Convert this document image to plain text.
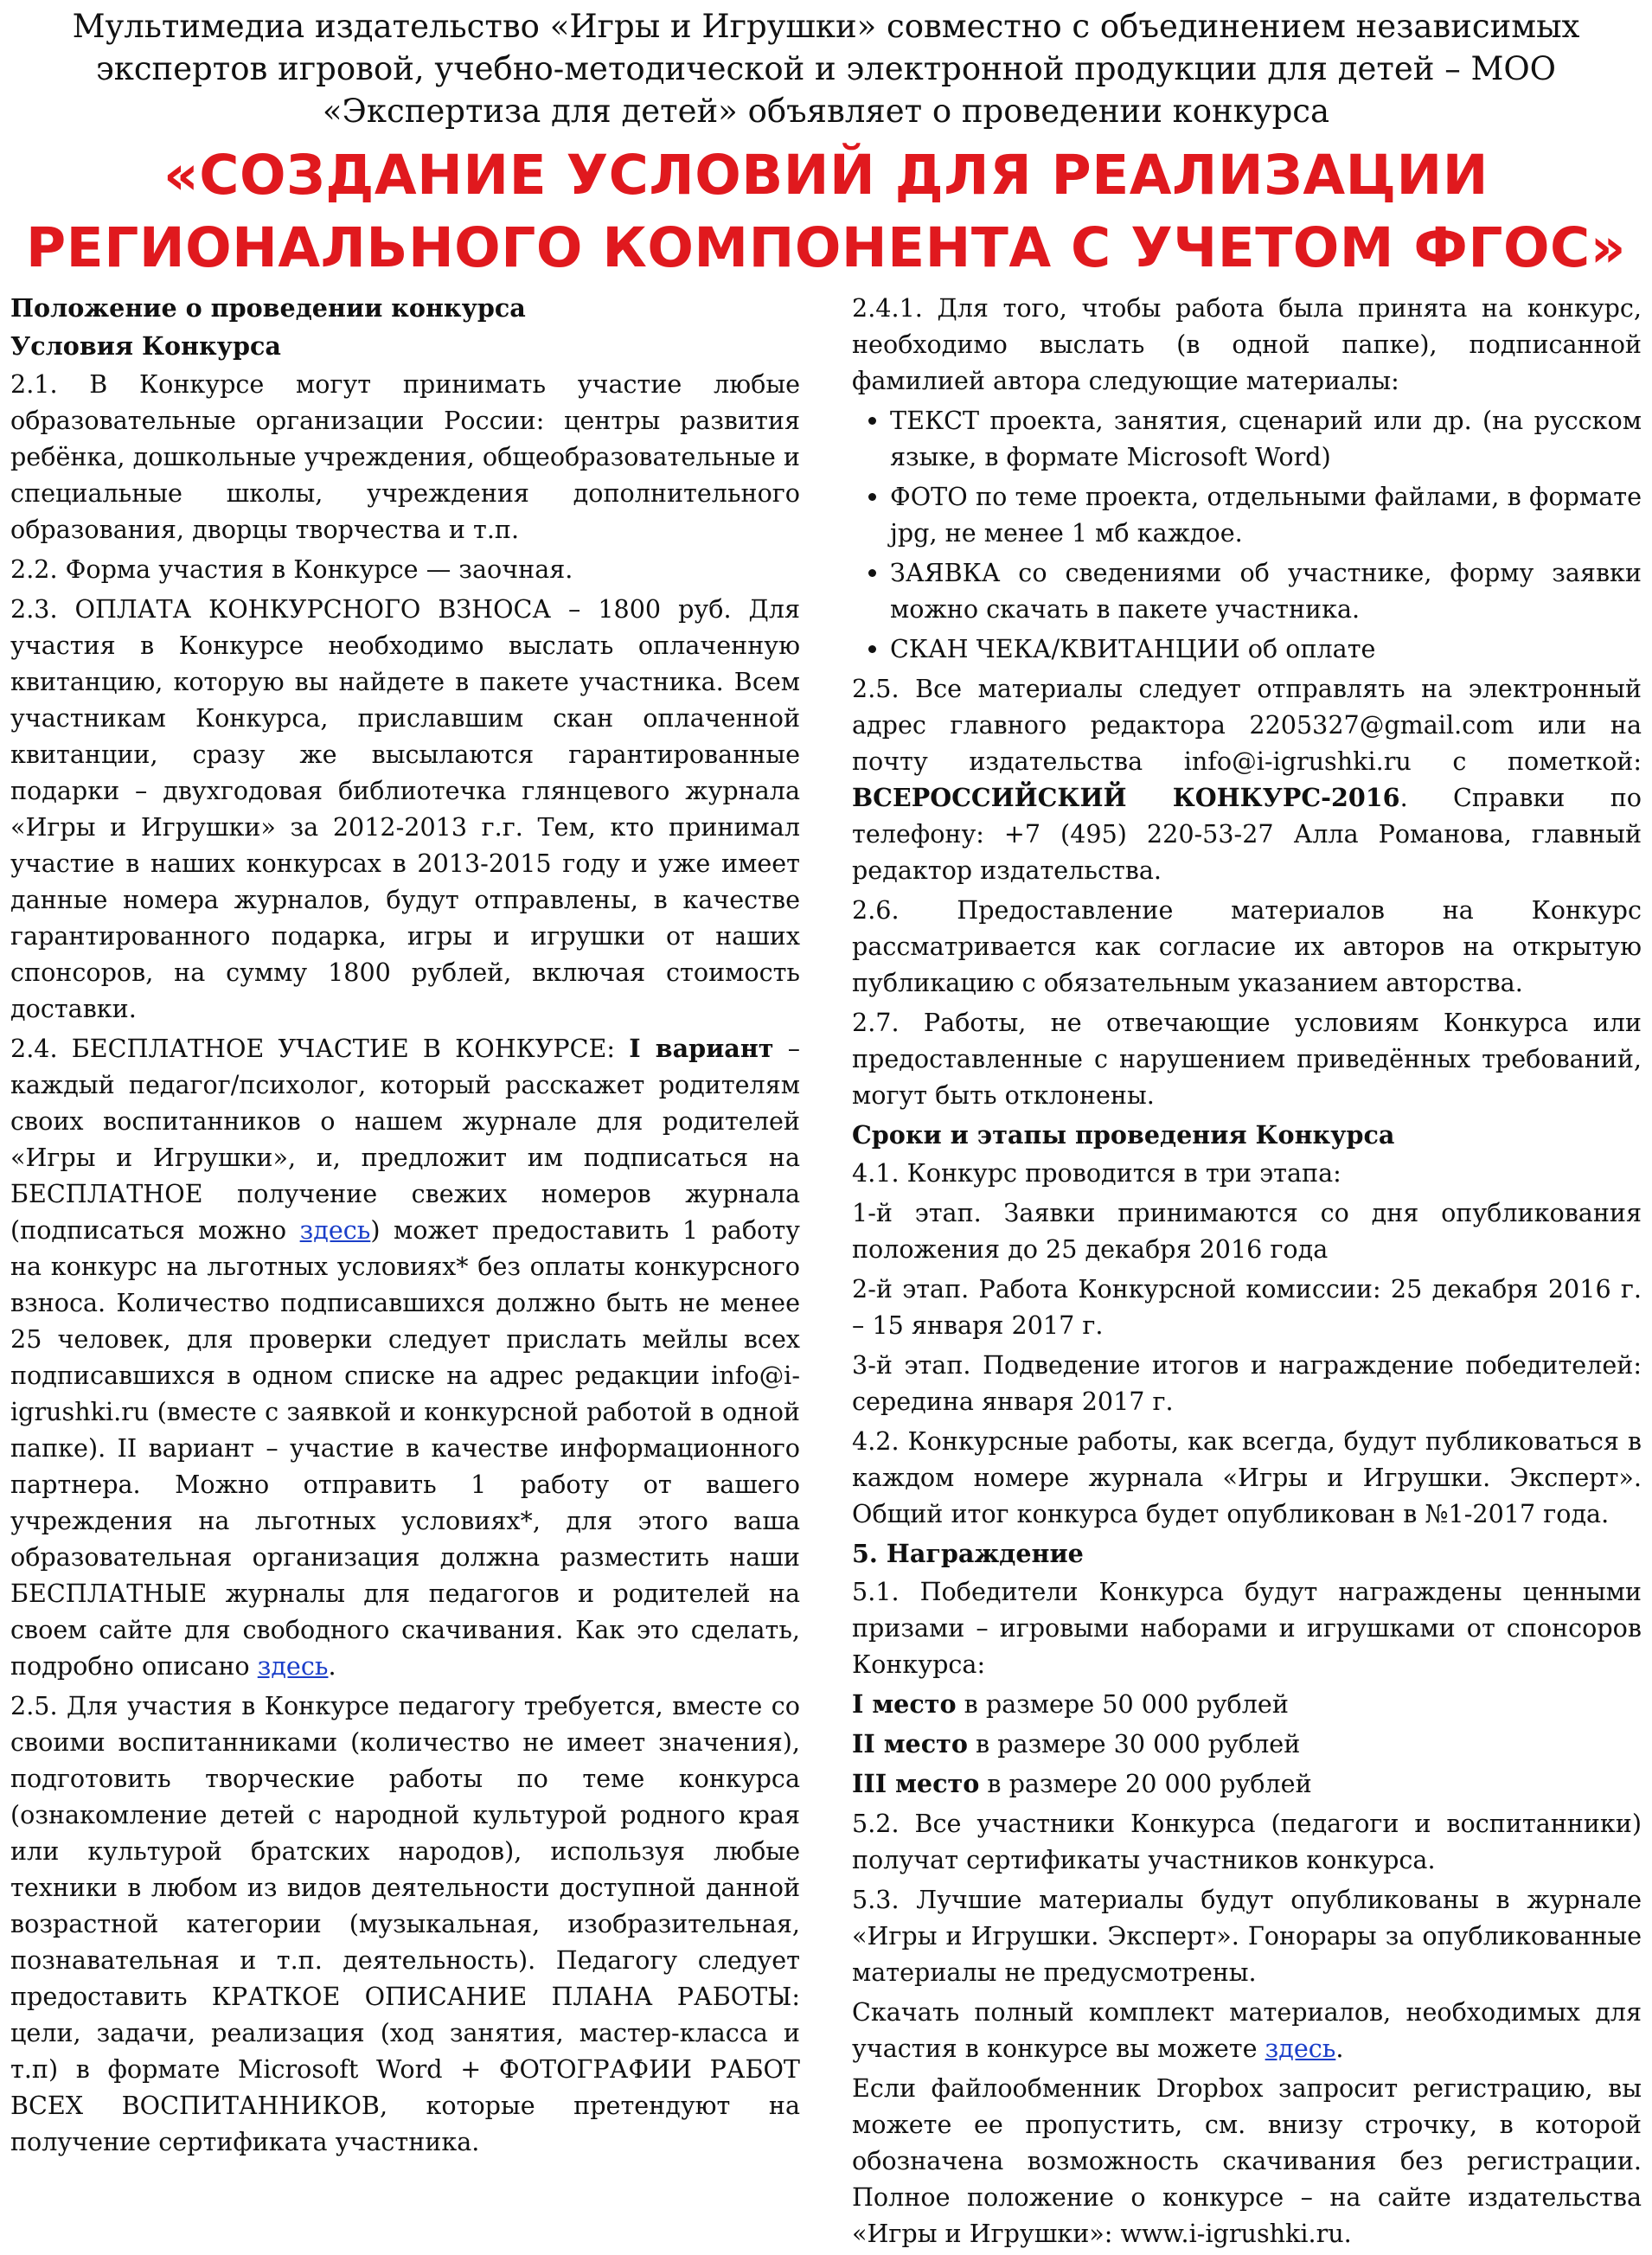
Мультимедиа издательство «Игры и Игрушки» совместно с объединением независимых экспертов игровой, учебно-методической и электронной продукции для детей – МОО «Экспертиза для детей» объявляет о проведении конкурса
«СОЗДАНИЕ УСЛОВИЙ ДЛЯ РЕАЛИЗАЦИИ
РЕГИОНАЛЬНОГО КОМПОНЕНТА С УЧЕТОМ ФГОС»
Положение о проведении конкурса
Условия Конкурса

2.1. В Конкурсе могут принимать участие любые образовательные организации России: центры развития ребёнка, дошкольные учреждения, общеобразовательные и специальные школы, учреждения дополнительного образования, дворцы творчества и т.п.

2.2. Форма участия в Конкурсе — заочная.

2.3. ОПЛАТА КОНКУРСНОГО ВЗНОСА – 1800 руб. Для участия в Конкурсе необходимо выслать оплаченную квитанцию, которую вы найдете в пакете участника. Всем участникам Конкурса, приславшим скан оплаченной квитанции, сразу же высылаются гарантированные подарки – двухгодовая библиотечка глянцевого журнала «Игры и Игрушки» за 2012-2013 г.г. Тем, кто принимал участие в наших конкурсах в 2013-2015 году и уже имеет данные номера журналов, будут отправлены, в качестве гарантированного подарка, игры и игрушки от наших спонсоров, на сумму 1800 рублей, включая стоимость доставки.

2.4. БЕСПЛАТНОЕ УЧАСТИЕ В КОНКУРСЕ: I вариант – каждый педагог/психолог, который расскажет родителям своих воспитанников о нашем журнале для родителей «Игры и Игрушки», и, предложит им подписаться на БЕСПЛАТНОЕ получение свежих номеров журнала (подписаться можно здесь) может предоставить 1 работу на конкурс на льготных условиях* без оплаты конкурсного взноса. Количество подписавшихся должно быть не менее 25 человек, для проверки следует прислать мейлы всех подписавшихся в одном списке на адрес редакции info@i-igrushki.ru (вместе с заявкой и конкурсной работой в одной папке). II вариант – участие в качестве информационного партнера. Можно отправить 1 работу от вашего учреждения на льготных условиях*, для этого ваша образовательная организация должна разместить наши БЕСПЛАТНЫЕ журналы для педагогов и родителей на своем сайте для свободного скачивания. Как это сделать, подробно описано здесь.

2.5. Для участия в Конкурсе педагогу требуется, вместе со своими воспитанниками (количество не имеет значения), подготовить творческие работы по теме конкурса (ознакомление детей с народной культурой родного края или культурой братских народов), используя любые техники в любом из видов деятельности доступной данной возрастной категории (музыкальная, изобразительная, познавательная и т.п. деятельность). Педагогу следует предоставить КРАТКОЕ ОПИСАНИЕ ПЛАНА РАБОТЫ: цели, задачи, реализация (ход занятия, мастер-класса и т.п) в формате Microsoft Word + ФОТОГРАФИИ РАБОТ ВСЕХ ВОСПИТАННИКОВ, которые претендуют на получение сертификата участника.

2.4.1. Для того, чтобы работа была принята на конкурс, необходимо выслать (в одной папке), подписанной фамилией автора следующие материалы:

• ТЕКСТ проекта, занятия, сценарий или др. (на русском языке, в формате Microsoft Word)
• ФОТО по теме проекта, отдельными файлами, в формате jpg, не менее 1 мб каждое.
• ЗАЯВКА со сведениями об участнике, форму заявки можно скачать в пакете участника.
• СКАН ЧЕКА/КВИТАНЦИИ об оплате

2.5. Все материалы следует отправлять на электронный адрес главного редактора 2205327@gmail.com или на почту издательства info@i-igrushki.ru с пометкой: ВСЕРОССИЙСКИЙ КОНКУРС-2016. Справки по телефону: +7 (495) 220-53-27 Алла Романова, главный редактор издательства.

2.6. Предоставление материалов на Конкурс рассматривается как согласие их авторов на открытую публикацию с обязательным указанием авторства.

2.7. Работы, не отвечающие условиям Конкурса или предоставленные с нарушением приведённых требований, могут быть отклонены.

Сроки и этапы проведения Конкурса

4.1. Конкурс проводится в три этапа:

1-й этап. Заявки принимаются со дня опубликования положения до 25 декабря 2016 года

2-й этап. Работа Конкурсной комиссии: 25 декабря 2016 г. – 15 января 2017 г.

3-й этап. Подведение итогов и награждение победителей: середина января 2017 г.

4.2. Конкурсные работы, как всегда, будут публиковаться в каждом номере журнала «Игры и Игрушки. Эксперт». Общий итог конкурса будет опубликован в №1-2017 года.

5. Награждение

5.1. Победители Конкурса будут награждены ценными призами – игровыми наборами и игрушками от спонсоров Конкурса:

I место в размере 50 000 рублей

II место в размере 30 000 рублей

III место в размере 20 000 рублей

5.2. Все участники Конкурса (педагоги и воспитанники) получат сертификаты участников конкурса.

5.3. Лучшие материалы будут опубликованы в журнале «Игры и Игрушки. Эксперт». Гонорары за опубликованные материалы не предусмотрены.

Скачать полный комплект материалов, необходимых для участия в конкурсе вы можете здесь.

Если файлообменник Dropbox запросит регистрацию, вы можете ее пропустить, см. внизу строчку, в которой обозначена возможность скачивания без регистрации. Полное положение о конкурсе – на сайте издательства «Игры и Игрушки»: www.i-igrushki.ru.
